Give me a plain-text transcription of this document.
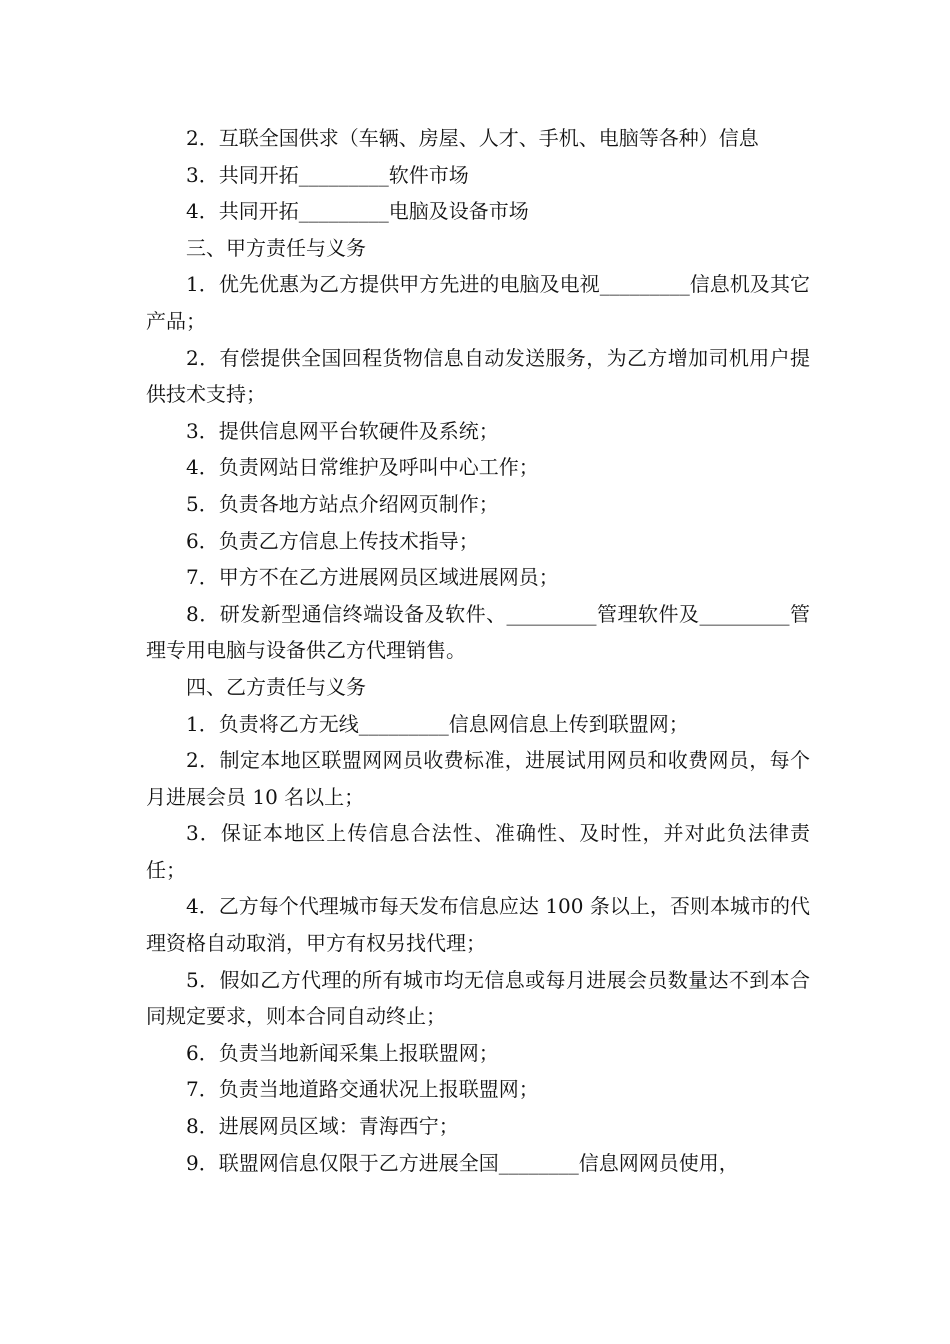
2．互联全国供求（车辆、房屋、人才、手机、电脑等各种）信息

3．共同开拓_________软件市场

4．共同开拓_________电脑及设备市场

三、甲方责任与义务

1．优先优惠为乙方提供甲方先进的电脑及电视_________信息机及其它产品；

2．有偿提供全国回程货物信息自动发送服务，为乙方增加司机用户提供技术支持；

3．提供信息网平台软硬件及系统；

4．负责网站日常维护及呼叫中心工作；

5．负责各地方站点介绍网页制作；

6．负责乙方信息上传技术指导；

7．甲方不在乙方进展网员区域进展网员；

8．研发新型通信终端设备及软件、_________管理软件及_________管理专用电脑与设备供乙方代理销售。

四、乙方责任与义务

1．负责将乙方无线_________信息网信息上传到联盟网；

2．制定本地区联盟网网员收费标准，进展试用网员和收费网员，每个月进展会员 10 名以上；

3．保证本地区上传信息合法性、准确性、及时性，并对此负法律责任；

4．乙方每个代理城市每天发布信息应达 100 条以上，否则本城市的代理资格自动取消，甲方有权另找代理；

5．假如乙方代理的所有城市均无信息或每月进展会员数量达不到本合同规定要求，则本合同自动终止；

6．负责当地新闻采集上报联盟网；

7．负责当地道路交通状况上报联盟网；

8．进展网员区域：青海西宁；

9．联盟网信息仅限于乙方进展全国________信息网网员使用，
